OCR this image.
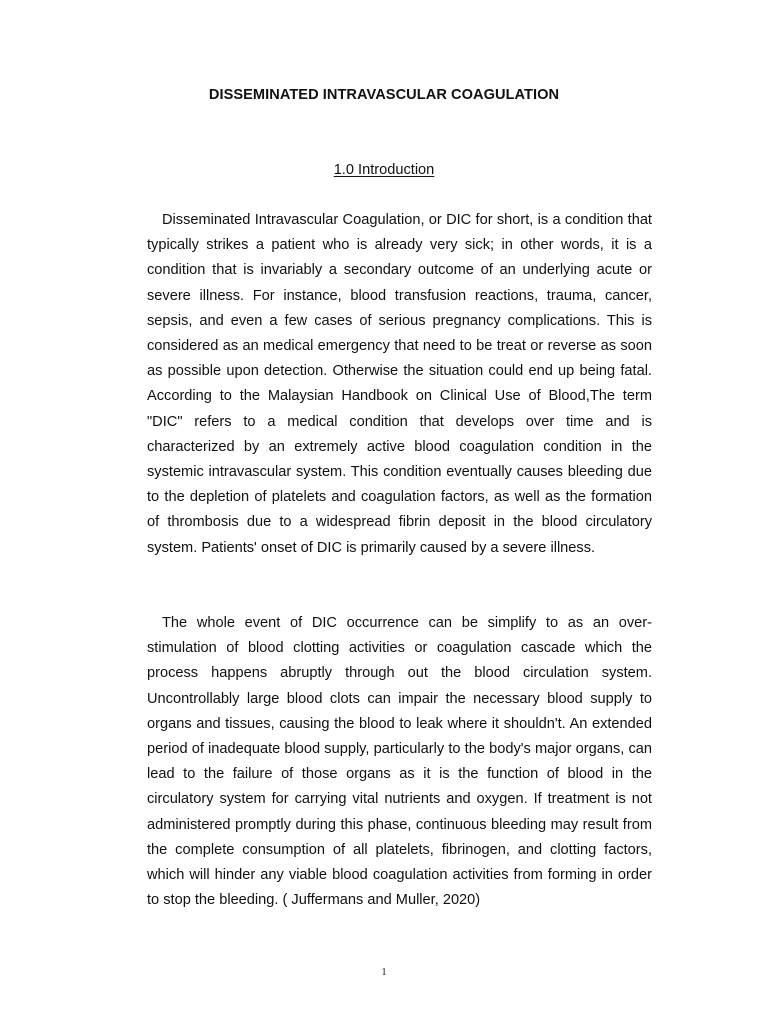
DISSEMINATED INTRAVASCULAR COAGULATION
1.0 Introduction

Disseminated Intravascular Coagulation, or DIC for short, is a condition that typically strikes a patient who is already very sick; in other words, it is a condition that is invariably a secondary outcome of an underlying acute or severe illness. For instance, blood transfusion reactions, trauma, cancer, sepsis, and even a few cases of serious pregnancy complications. This is considered as an medical emergency that need to be treat or reverse as soon as possible upon detection. Otherwise the situation could end up being fatal. According to the Malaysian Handbook on Clinical Use of Blood,The term "DIC" refers to a medical condition that develops over time and is characterized by an extremely active blood coagulation condition in the systemic intravascular system. This condition eventually causes bleeding due to the depletion of platelets and coagulation factors, as well as the formation of thrombosis due to a widespread fibrin deposit in the blood circulatory system. Patients' onset of DIC is primarily caused by a severe illness.

The whole event of DIC occurrence can be simplify to as an over-stimulation of blood clotting activities or coagulation cascade which the process happens abruptly through out the blood circulation system. Uncontrollably large blood clots can impair the necessary blood supply to organs and tissues, causing the blood to leak where it shouldn't. An extended period of inadequate blood supply, particularly to the body's major organs, can lead to the failure of those organs as it is the function of blood in the circulatory system for carrying vital nutrients and oxygen. If treatment is not administered promptly during this phase, continuous bleeding may result from the complete consumption of all platelets, fibrinogen, and clotting factors, which will hinder any viable blood coagulation activities from forming in order to stop the bleeding. ( Juffermans and Muller, 2020)

1
